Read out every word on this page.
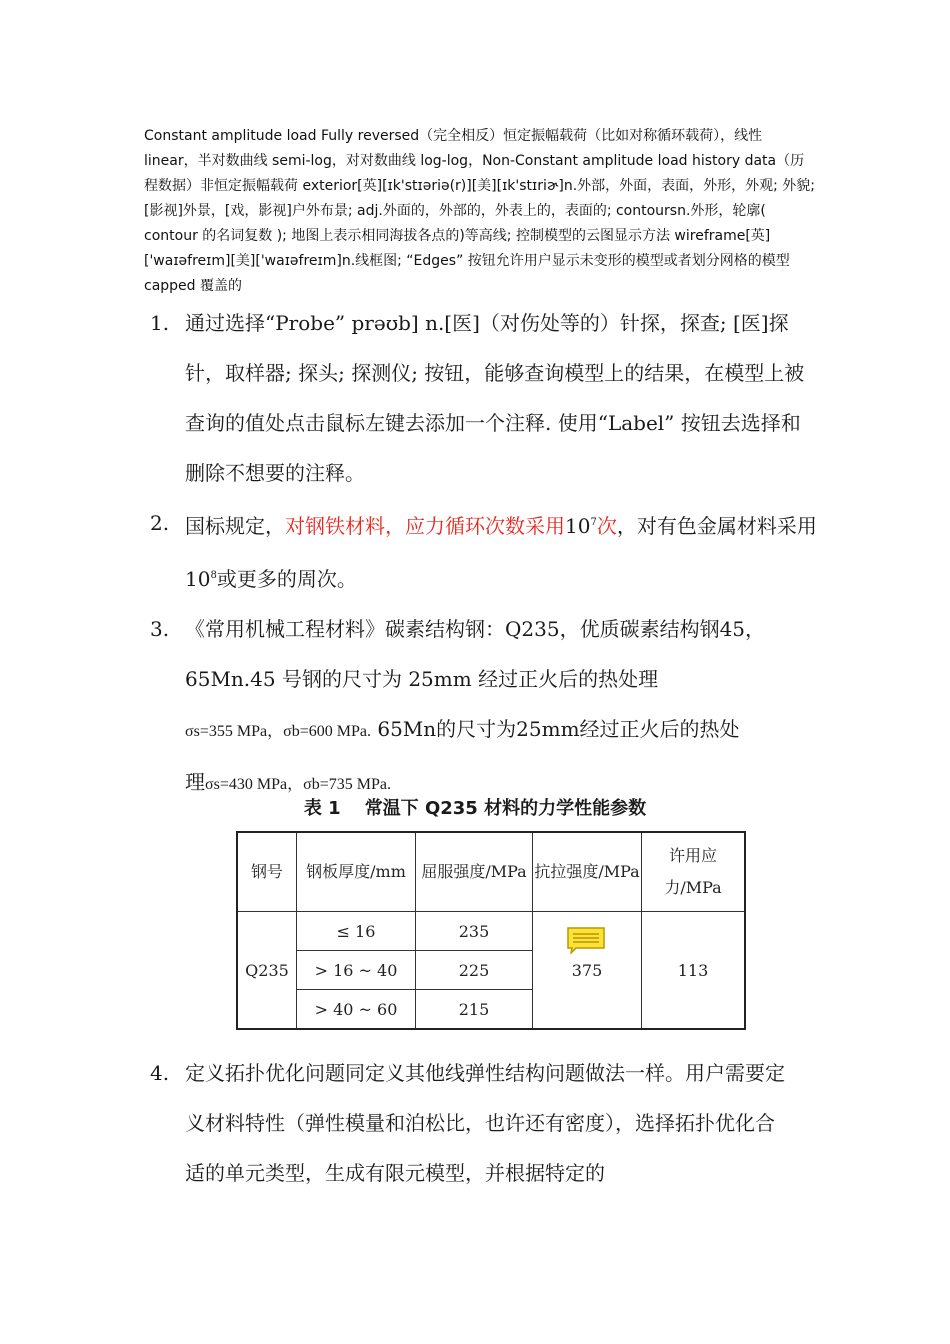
Constant amplitude load Fully reversed（完全相反）恒定振幅载荷（比如对称循环载荷），线性 linear，半对数曲线 semi-log，对对数曲线 log-log，Non-Constant amplitude load history data（历程数据）非恒定振幅载荷 exterior[英][ɪk'stɪəriə(r)][美][ɪk'stɪriɚ]n.外部，外面，表面，外形，外观; 外貌; [影视]外景，[戏，影视]户外布景; adj.外面的，外部的，外表上的，表面的; contoursn.外形，轮廓( contour 的名词复数 ); 地图上表示相同海拔各点的)等高线; 控制模型的云图显示方法 wireframe[英]['waɪəfreɪm][美]['waɪəfreɪm]n.线框图; “Edges” 按钮允许用户显示未变形的模型或者划分网格的模型 capped 覆盖的
1. 通过选择“Probe” prəʊb] n.[医]（对伤处等的）针探，探查; [医]探针，取样器; 探头; 探测仪; 按钮，能够查询模型上的结果，在模型上被查询的值处点击鼠标左键去添加一个注释. 使用“Label” 按钮去选择和删除不想要的注释。
2. 国标规定，对钢铁材料，应力循环次数采用$10^7$次，对有色金属材料采用$10^8$或更多的周次。
3. 《常用机械工程材料》碳素结构钢：Q235，优质碳素结构钢45， 65Mn.45 号钢的尺寸为 25mm 经过正火后的热处理
σs=355 MPa，σb=600 MPa. 65Mn的尺寸为25mm经过正火后的热处
理σs=430 MPa，σb=735 MPa.
表 1 常温下 Q235 材料的力学性能参数
钢号	钢板厚度/mm	屈服强度/MPa	抗拉强度/MPa	许用应力/MPa
Q235	≤ 16	235	375	113
	> 16 ~ 40	225		
	> 40 ~ 60	215		
4. 定义拓扑优化问题同定义其他线弹性结构问题做法一样。用户需要定义材料特性（弹性模量和泊松比，也许还有密度），选择拓扑优化合适的单元类型，生成有限元模型，并根据特定的
